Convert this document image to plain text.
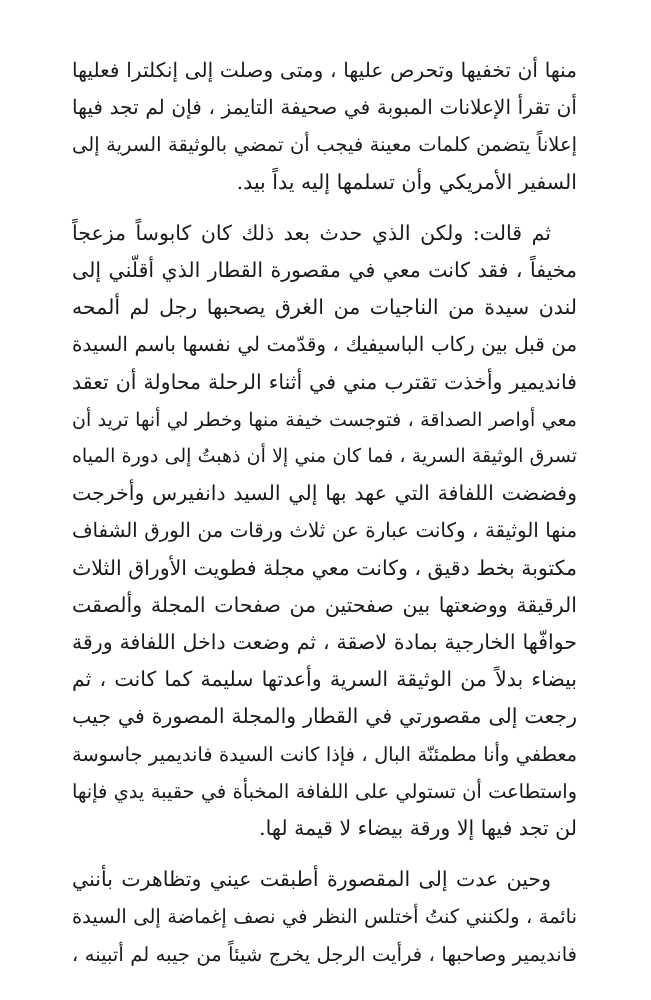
منها أن تخفيها وتحرص عليها ، ومتى وصلت إلى إنكلترا فعليها
أن تقرأ الإعلانات المبوبة في صحيفة التايمز ، فإن لم تجد فيها
إعلاناً يتضمن كلمات معينة فيجب أن تمضي بالوثيقة السرية إلى
السفير الأمريكي وأن تسلمها إليه يداً بيد.

ثم قالت: ولكن الذي حدث بعد ذلك كان كابوساً مزعجاً
مخيفاً ، فقد كانت معي في مقصورة القطار الذي أقلّني إلى
لندن سيدة من الناجيات من الغرق يصحبها رجل لم ألمحه
من قبل بين ركاب الباسيفيك ، وقدّمت لي نفسها باسم السيدة
فانديمير وأخذت تقترب مني في أثناء الرحلة محاولة أن تعقد
معي أواصر الصداقة ، فتوجست خيفة منها وخطر لي أنها تريد أن
تسرق الوثيقة السرية ، فما كان مني إلا أن ذهبتُ إلى دورة المياه
وفضضت اللفافة التي عهد بها إلي السيد دانفيرس وأخرجت
منها الوثيقة ، وكانت عبارة عن ثلاث ورقات من الورق الشفاف
مكتوبة بخط دقيق ، وكانت معي مجلة فطويت الأوراق الثلاث
الرقيقة ووضعتها بين صفحتين من صفحات المجلة وألصقت
حوافّها الخارجية بمادة لاصقة ، ثم وضعت داخل اللفافة ورقة
بيضاء بدلاً من الوثيقة السرية وأعدتها سليمة كما كانت ، ثم
رجعت إلى مقصورتي في القطار والمجلة المصورة في جيب
معطفي وأنا مطمئنّة البال ، فإذا كانت السيدة فانديمير جاسوسة
واستطاعت أن تستولي على اللفافة المخبأة في حقيبة يدي فإنها
لن تجد فيها إلا ورقة بيضاء لا قيمة لها.

وحين عدت إلى المقصورة أطبقت عيني وتظاهرت بأنني
نائمة ، ولكنني كنتُ أختلس النظر في نصف إغماضة إلى السيدة
فانديمير وصاحبها ، فرأيت الرجل يخرج شيئاً من جيبه لم أتبينه ،
